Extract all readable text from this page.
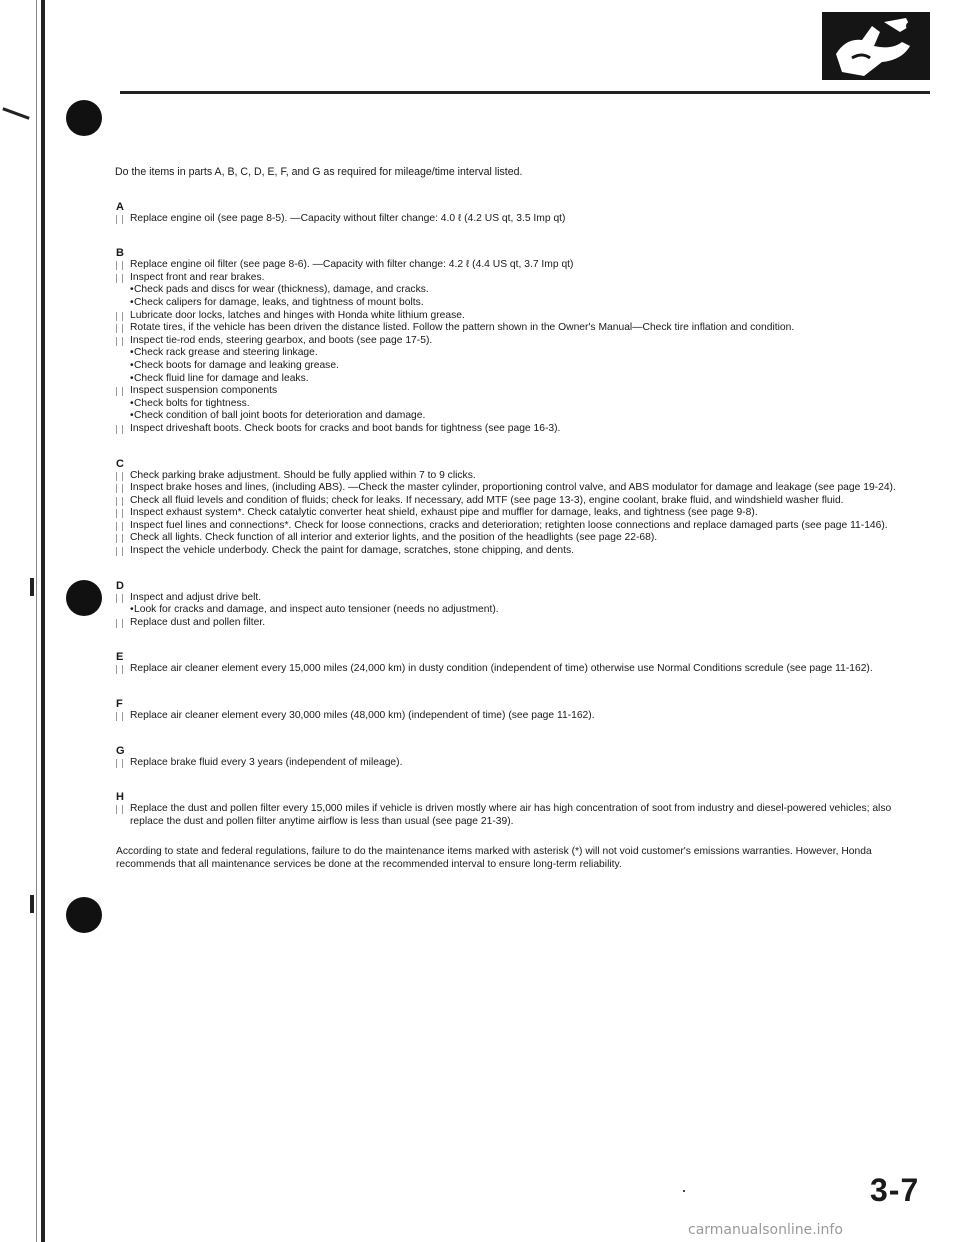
Do the items in parts A, B, C, D, E, F, and G as required for mileage/time interval listed.

A
Replace engine oil (see page 8-5). —Capacity without filter change: 4.0 ℓ (4.2 US qt, 3.5 Imp qt)
B
Replace engine oil filter (see page 8-6). —Capacity with filter change: 4.2 ℓ (4.4 US qt, 3.7 Imp qt)
Inspect front and rear brakes.
• Check pads and discs for wear (thickness), damage, and cracks.
• Check calipers for damage, leaks, and tightness of mount bolts.
Lubricate door locks, latches and hinges with Honda white lithium grease.
Rotate tires, if the vehicle has been driven the distance listed. Follow the pattern shown in the Owner's Manual—Check tire inflation and condition.
Inspect tie-rod ends, steering gearbox, and boots (see page 17-5).
• Check rack grease and steering linkage.
• Check boots for damage and leaking grease.
• Check fluid line for damage and leaks.
Inspect suspension components
• Check bolts for tightness.
• Check condition of ball joint boots for deterioration and damage.
Inspect driveshaft boots. Check boots for cracks and boot bands for tightness (see page 16-3).
C
Check parking brake adjustment. Should be fully applied within 7 to 9 clicks.
Inspect brake hoses and lines, (including ABS). —Check the master cylinder, proportioning control valve, and ABS modulator for damage and leakage (see page 19-24).
Check all fluid levels and condition of fluids; check for leaks. If necessary, add MTF (see page 13-3), engine coolant, brake fluid, and windshield washer fluid.
Inspect exhaust system*. Check catalytic converter heat shield, exhaust pipe and muffler for damage, leaks, and tightness (see page 9-8).
Inspect fuel lines and connections*. Check for loose connections, cracks and deterioration; retighten loose connections and replace damaged parts (see page 11-146).
Check all lights. Check function of all interior and exterior lights, and the position of the headlights (see page 22-68).
Inspect the vehicle underbody. Check the paint for damage, scratches, stone chipping, and dents.
D
Inspect and adjust drive belt.
• Look for cracks and damage, and inspect auto tensioner (needs no adjustment).
Replace dust and pollen filter.
E
Replace air cleaner element every 15,000 miles (24,000 km) in dusty condition (independent of time) otherwise use Normal Conditions scredule (see page 11-162).
F
Replace air cleaner element every 30,000 miles (48,000 km) (independent of time) (see page 11-162).
G
Replace brake fluid every 3 years (independent of mileage).
H
Replace the dust and pollen filter every 15,000 miles if vehicle is driven mostly where air has high concentration of soot from industry and diesel-powered vehicles; also replace the dust and pollen filter anytime airflow is less than usual (see page 21-39).

According to state and federal regulations, failure to do the maintenance items marked with asterisk (*) will not void customer's emissions warranties. However, Honda recommends that all maintenance services be done at the recommended interval to ensure long-term reliability.

3-7
carmanualsonline.info
